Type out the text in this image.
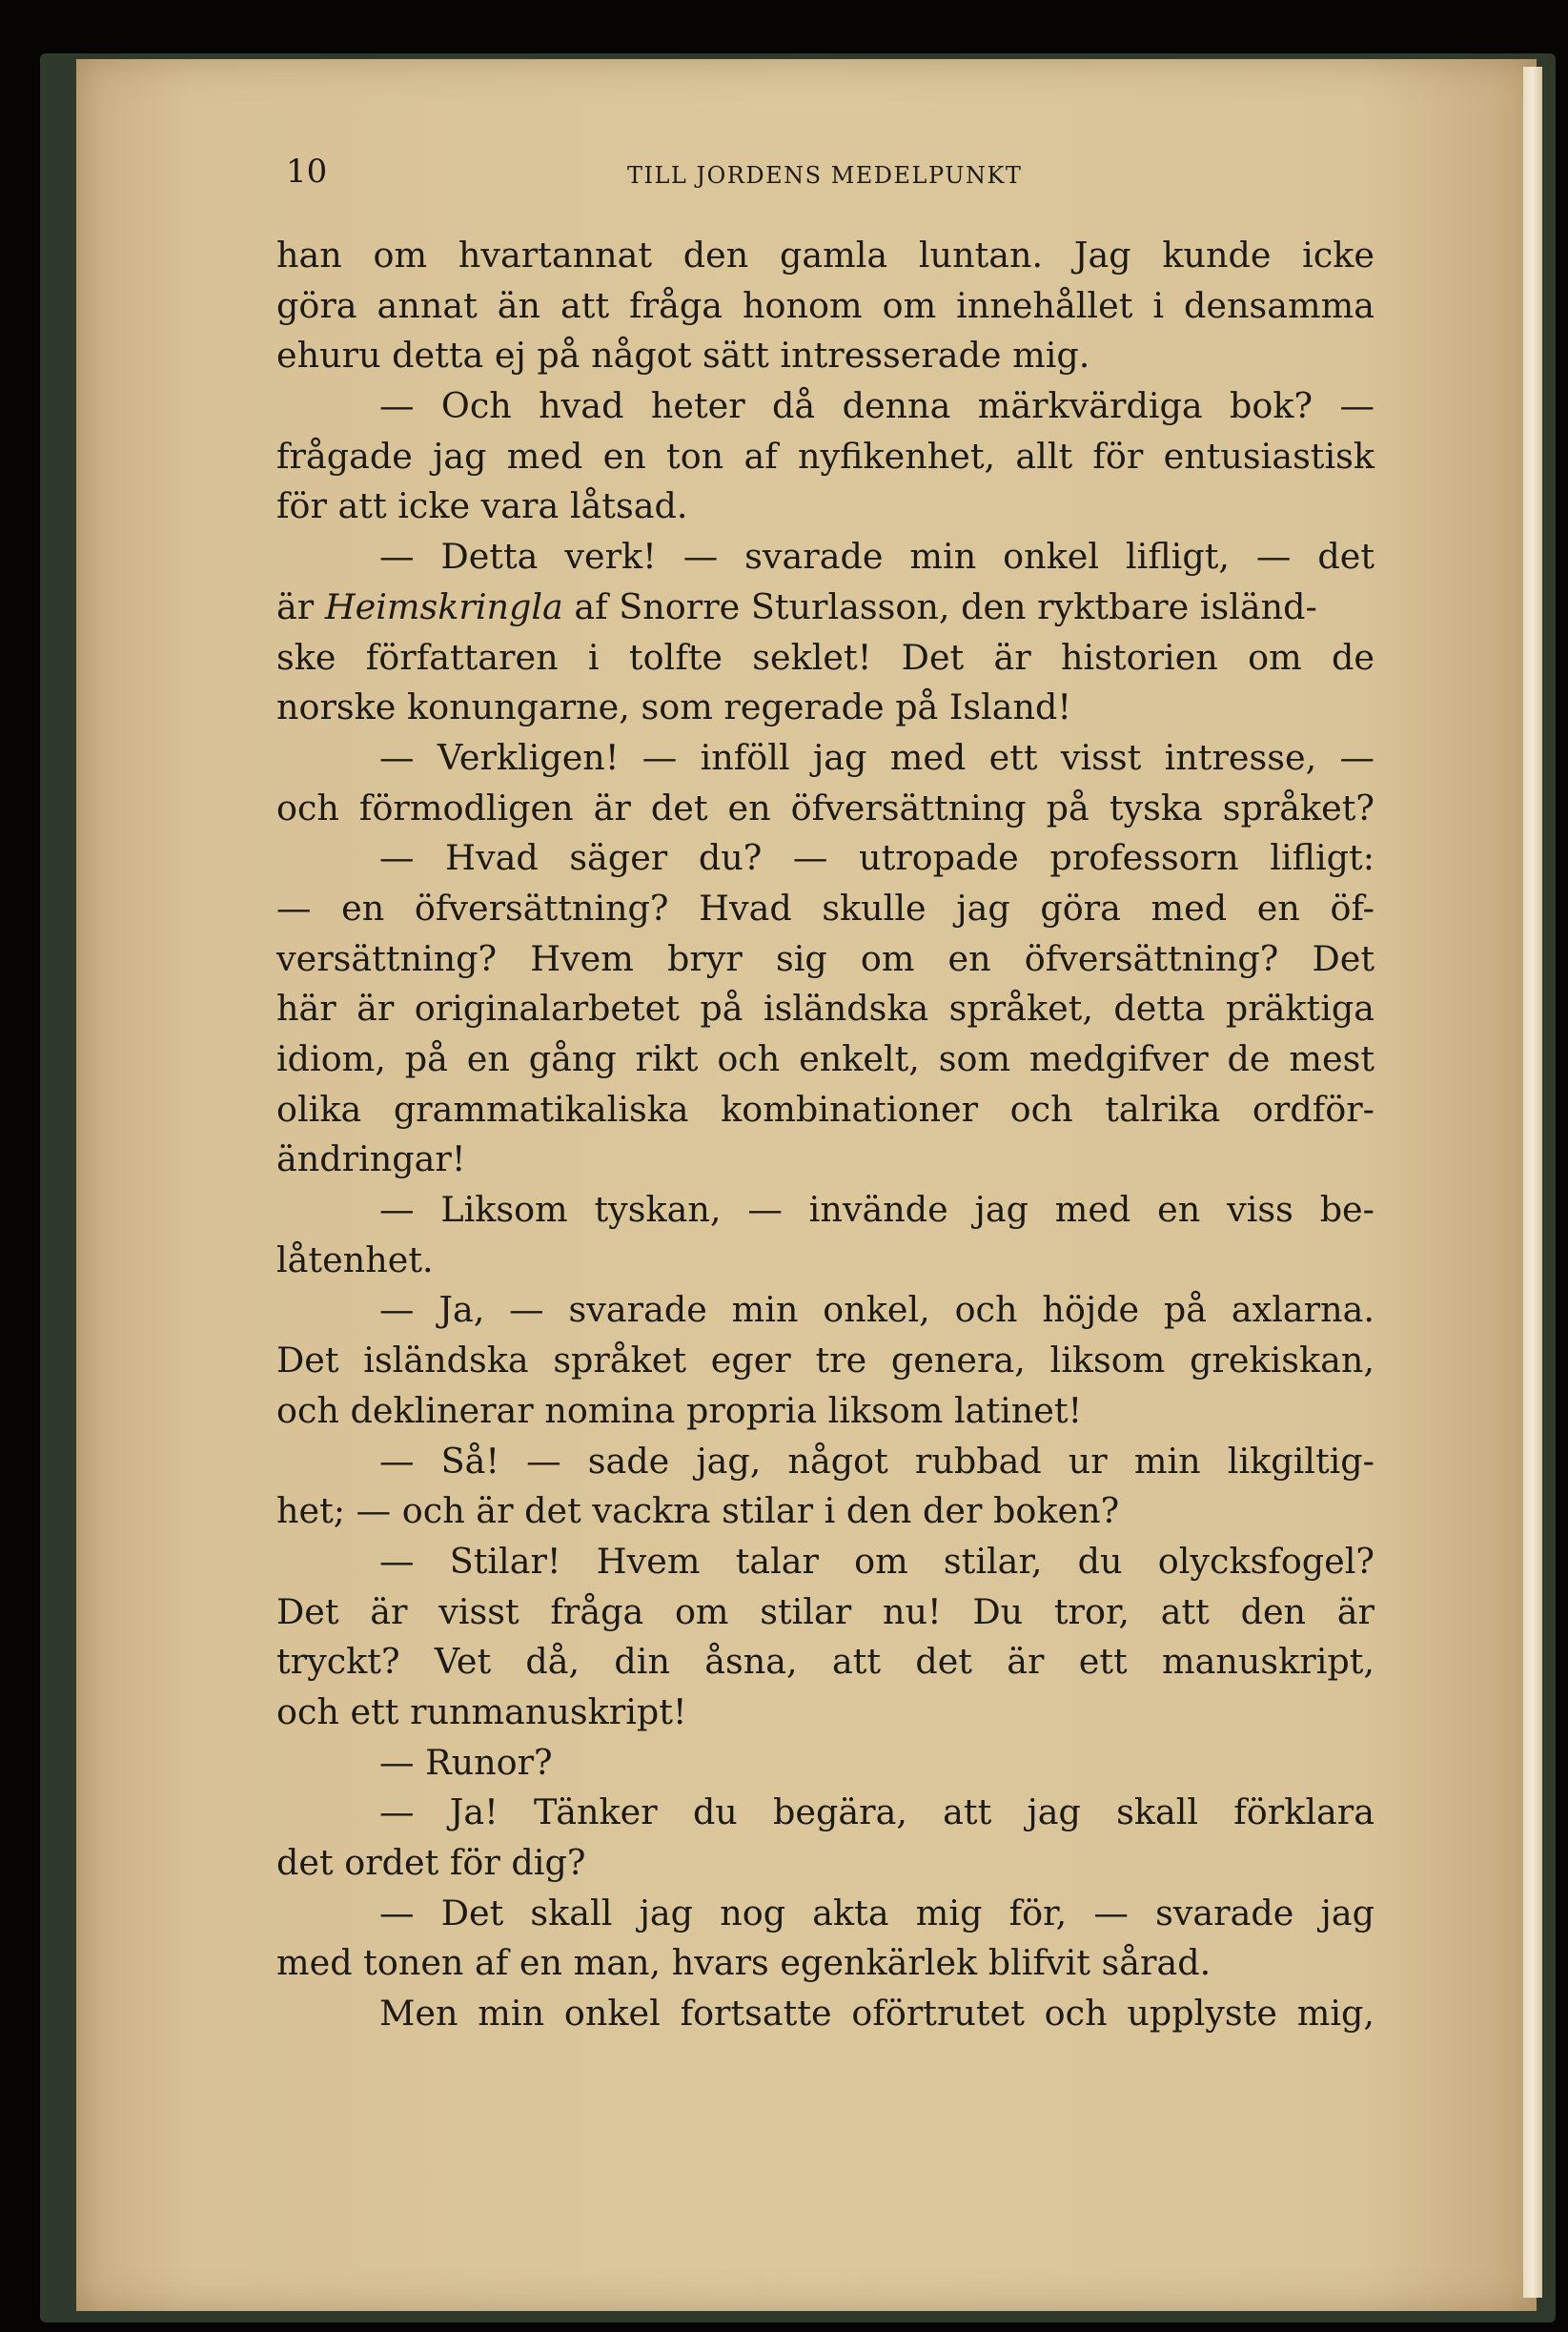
10	TILL JORDENS MEDELPUNKT
han om hvartannat den gamla luntan. Jag kunde icke
göra annat än att fråga honom om innehållet i densamma
ehuru detta ej på något sätt intresserade mig.
— Och hvad heter då denna märkvärdiga bok? —
frågade jag med en ton af nyfikenhet, allt för entusiastisk
för att icke vara låtsad.
— Detta verk! — svarade min onkel lifligt, — det
är Heimskringla af Snorre Sturlasson, den ryktbare isländ-
ske författaren i tolfte seklet! Det är historien om de
norske konungarne, som regerade på Island!
— Verkligen! — inföll jag med ett visst intresse, —
och förmodligen är det en öfversättning på tyska språket?
— Hvad säger du? — utropade professorn lifligt:
— en öfversättning? Hvad skulle jag göra med en öf-
versättning? Hvem bryr sig om en öfversättning? Det
här är originalarbetet på isländska språket, detta präktiga
idiom, på en gång rikt och enkelt, som medgifver de mest
olika grammatikaliska kombinationer och talrika ordför-
ändringar!
— Liksom tyskan, — invände jag med en viss be-
låtenhet.
— Ja, — svarade min onkel, och höjde på axlarna.
Det isländska språket eger tre genera, liksom grekiskan,
och deklinerar nomina propria liksom latinet!
— Så! — sade jag, något rubbad ur min likgiltig-
het; — och är det vackra stilar i den der boken?
— Stilar! Hvem talar om stilar, du olycksfogel?
Det är visst fråga om stilar nu! Du tror, att den är
tryckt? Vet då, din åsna, att det är ett manuskript,
och ett runmanuskript!
— Runor?
— Ja! Tänker du begära, att jag skall förklara
det ordet för dig?
— Det skall jag nog akta mig för, — svarade jag
med tonen af en man, hvars egenkärlek blifvit sårad.
Men min onkel fortsatte oförtrutet och upplyste mig,
